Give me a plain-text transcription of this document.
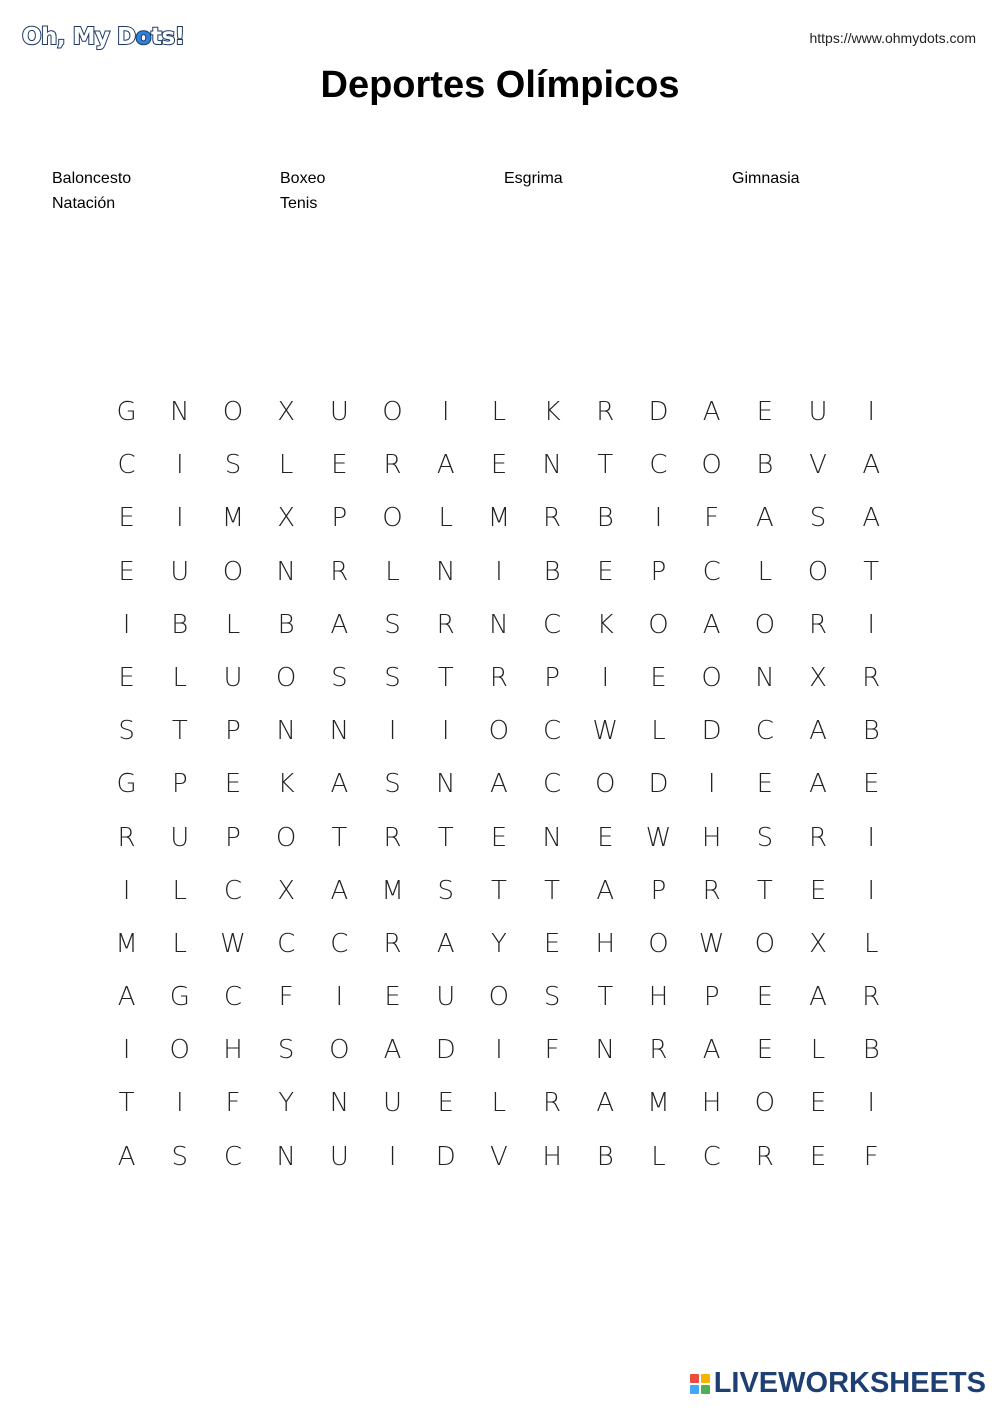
Oh, My Dots!	https://www.ohmydots.com
Deportes Olímpicos
Baloncesto	Boxeo	Esgrima	Gimnasia
Natación	Tenis
G	N	O	X	U	O	I	L	K	R	D	A	E	U	I
C	I	S	L	E	R	A	E	N	T	C	O	B	V	A
E	I	M	X	P	O	L	M	R	B	I	F	A	S	A
E	U	O	N	R	L	N	I	B	E	P	C	L	O	T
I	B	L	B	A	S	R	N	C	K	O	A	O	R	I
E	L	U	O	S	S	T	R	P	I	E	O	N	X	R
S	T	P	N	N	I	I	O	C	W	L	D	C	A	B
G	P	E	K	A	S	N	A	C	O	D	I	E	A	E
R	U	P	O	T	R	T	E	N	E	W	H	S	R	I
I	L	C	X	A	M	S	T	T	A	P	R	T	E	I
M	L	W	C	C	R	A	Y	E	H	O	W	O	X	L
A	G	C	F	I	E	U	O	S	T	H	P	E	A	R
I	O	H	S	O	A	D	I	F	N	R	A	E	L	B
T	I	F	Y	N	U	E	L	R	A	M	H	O	E	I
A	S	C	N	U	I	D	V	H	B	L	C	R	E	F
LIVEWORKSHEETS
